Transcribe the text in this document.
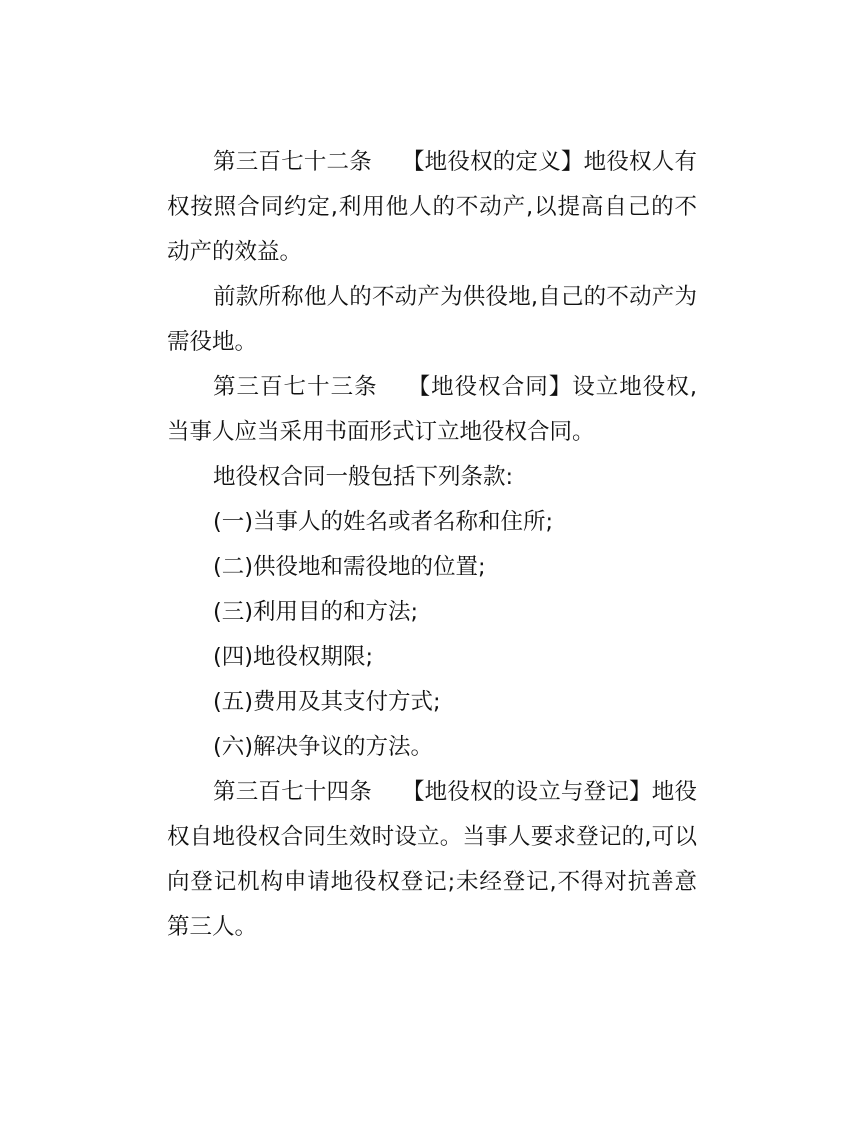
第三百七十二条 【地役权的定义】地役权人有权按照合同约定,利用他人的不动产,以提高自己的不动产的效益。

前款所称他人的不动产为供役地,自己的不动产为需役地。

第三百七十三条 【地役权合同】设立地役权,当事人应当采用书面形式订立地役权合同。

地役权合同一般包括下列条款:

(一)当事人的姓名或者名称和住所;

(二)供役地和需役地的位置;

(三)利用目的和方法;

(四)地役权期限;

(五)费用及其支付方式;

(六)解决争议的方法。

第三百七十四条 【地役权的设立与登记】地役权自地役权合同生效时设立。当事人要求登记的,可以向登记机构申请地役权登记;未经登记,不得对抗善意第三人。
